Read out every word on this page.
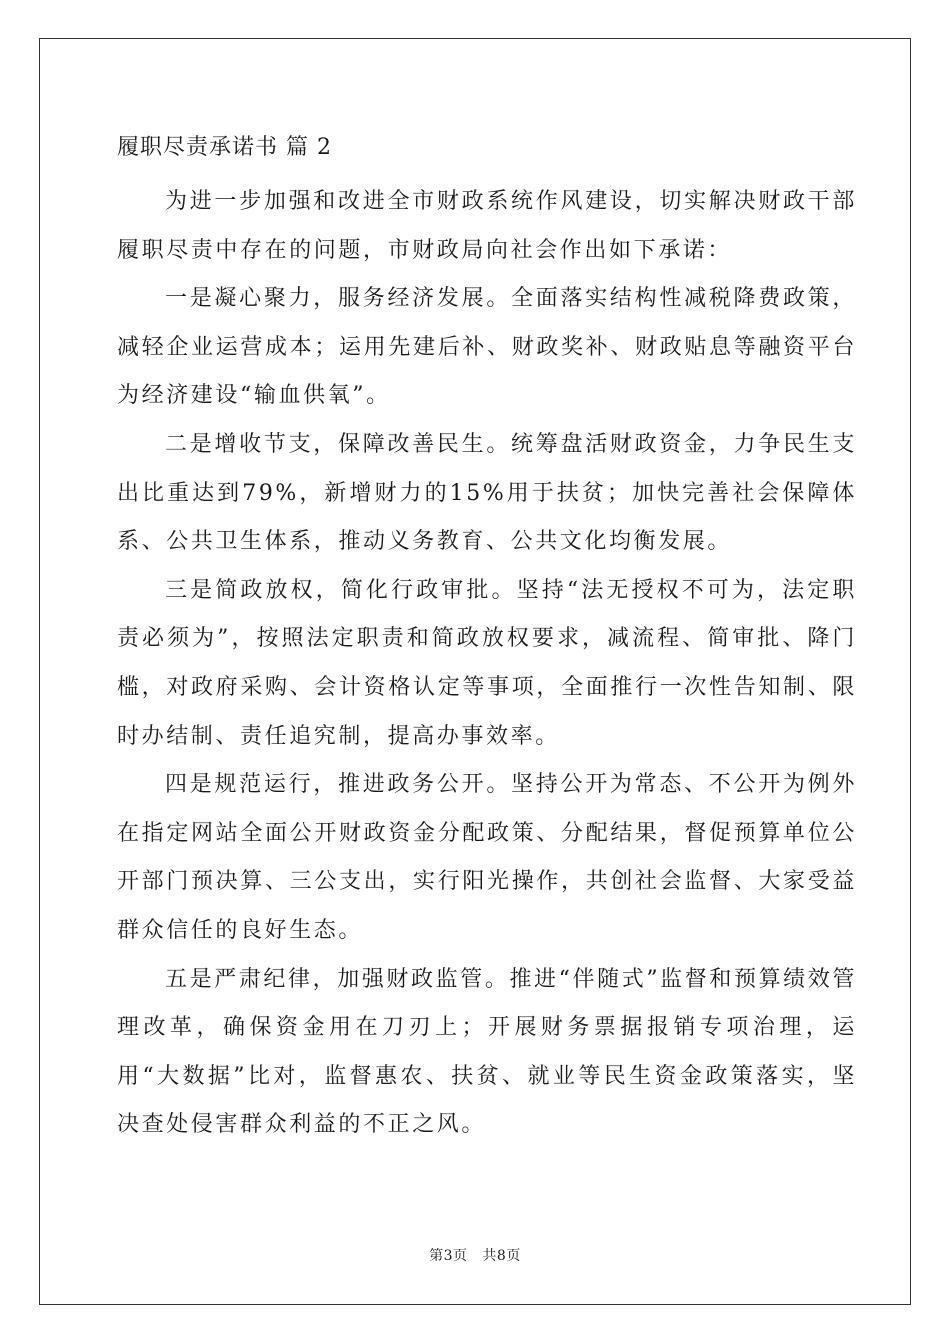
履职尽责承诺书 篇 2

为进一步加强和改进全市财政系统作风建设，切实解决财政干部履职尽责中存在的问题，市财政局向社会作出如下承诺：

一是凝心聚力，服务经济发展。全面落实结构性减税降费政策，减轻企业运营成本；运用先建后补、财政奖补、财政贴息等融资平台为经济建设“输血供氧”。

二是增收节支，保障改善民生。统筹盘活财政资金，力争民生支出比重达到79%，新增财力的15%用于扶贫；加快完善社会保障体系、公共卫生体系，推动义务教育、公共文化均衡发展。

三是简政放权，简化行政审批。坚持“法无授权不可为，法定职责必须为”，按照法定职责和简政放权要求，减流程、简审批、降门槛，对政府采购、会计资格认定等事项，全面推行一次性告知制、限时办结制、责任追究制，提高办事效率。

四是规范运行，推进政务公开。坚持公开为常态、不公开为例外在指定网站全面公开财政资金分配政策、分配结果，督促预算单位公开部门预决算、三公支出，实行阳光操作，共创社会监督、大家受益群众信任的良好生态。

五是严肃纪律，加强财政监管。推进“伴随式”监督和预算绩效管理改革，确保资金用在刀刃上；开展财务票据报销专项治理，运用“大数据”比对，监督惠农、扶贫、就业等民生资金政策落实，坚决查处侵害群众利益的不正之风。

第3页 共8页
